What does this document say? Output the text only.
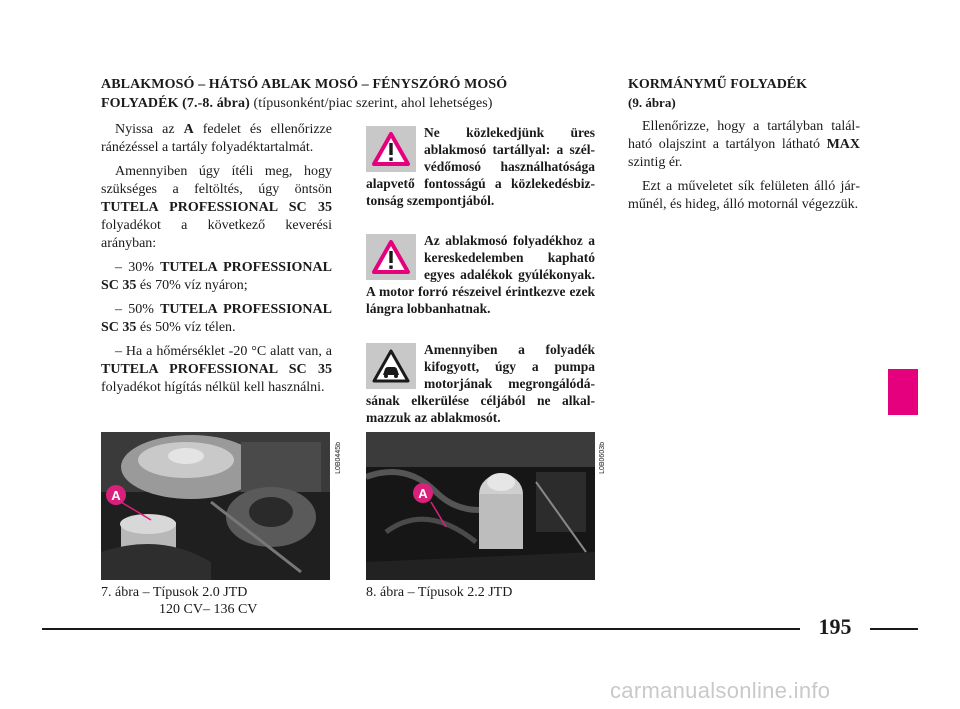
ABLAKMOSÓ – HÁTSÓ ABLAK MOSÓ – FÉNYSZÓRÓ MOSÓ
FOLYADÉK (7.-8. ábra) (típusonként/piac szerint, ahol lehetséges)

Nyissa az A fedelet és ellenőrizze ránézéssel a tartály folyadéktartalmát.

Amennyiben úgy ítéli meg, hogy szükséges a feltöltés, úgy öntsön TUTELA PROFESSIONAL SC 35 folyadékot a következő keverési arányban:

– 30% TUTELA PROFESSIONAL SC 35 és 70% víz nyáron;

– 50% TUTELA PROFESSIONAL SC 35 és 50% víz télen.

– Ha a hőmérséklet -20 °C alatt van, a TUTELA PROFESSIONAL SC 35 folyadékot hígítás nélkül kell használni.

Ne közlekedjünk üres ablakmosó tartállyal: a szélvédőmosó használhatósága alapvető fontosságú a közlekedésbiztonság szempontjából.
Az ablakmosó folyadékhoz a kereskedelemben kapható egyes adalékok gyúlékonyak. A motor forró részeivel érintkezve ezek lángra lobbanhatnak.
Amennyiben a folyadék kifogyott, úgy a pumpa motorjának megrongálódásának elkerülése céljából ne alkalmazzuk az ablakmosót.
KORMÁNYMŰ FOLYADÉK
(9. ábra)

Ellenőrizze, hogy a tartályban található olajszint a tartályon látható MAX szintig ér.

Ezt a műveletet sík felületen álló járműnél, és hideg, álló motornál végezzük.

A
L0B0445b
7. ábra – Típusok 2.0 JTD
120 CV– 136 CV
A
L0B0603b
8. ábra – Típusok 2.2 JTD
195
carmanualsonline.info
